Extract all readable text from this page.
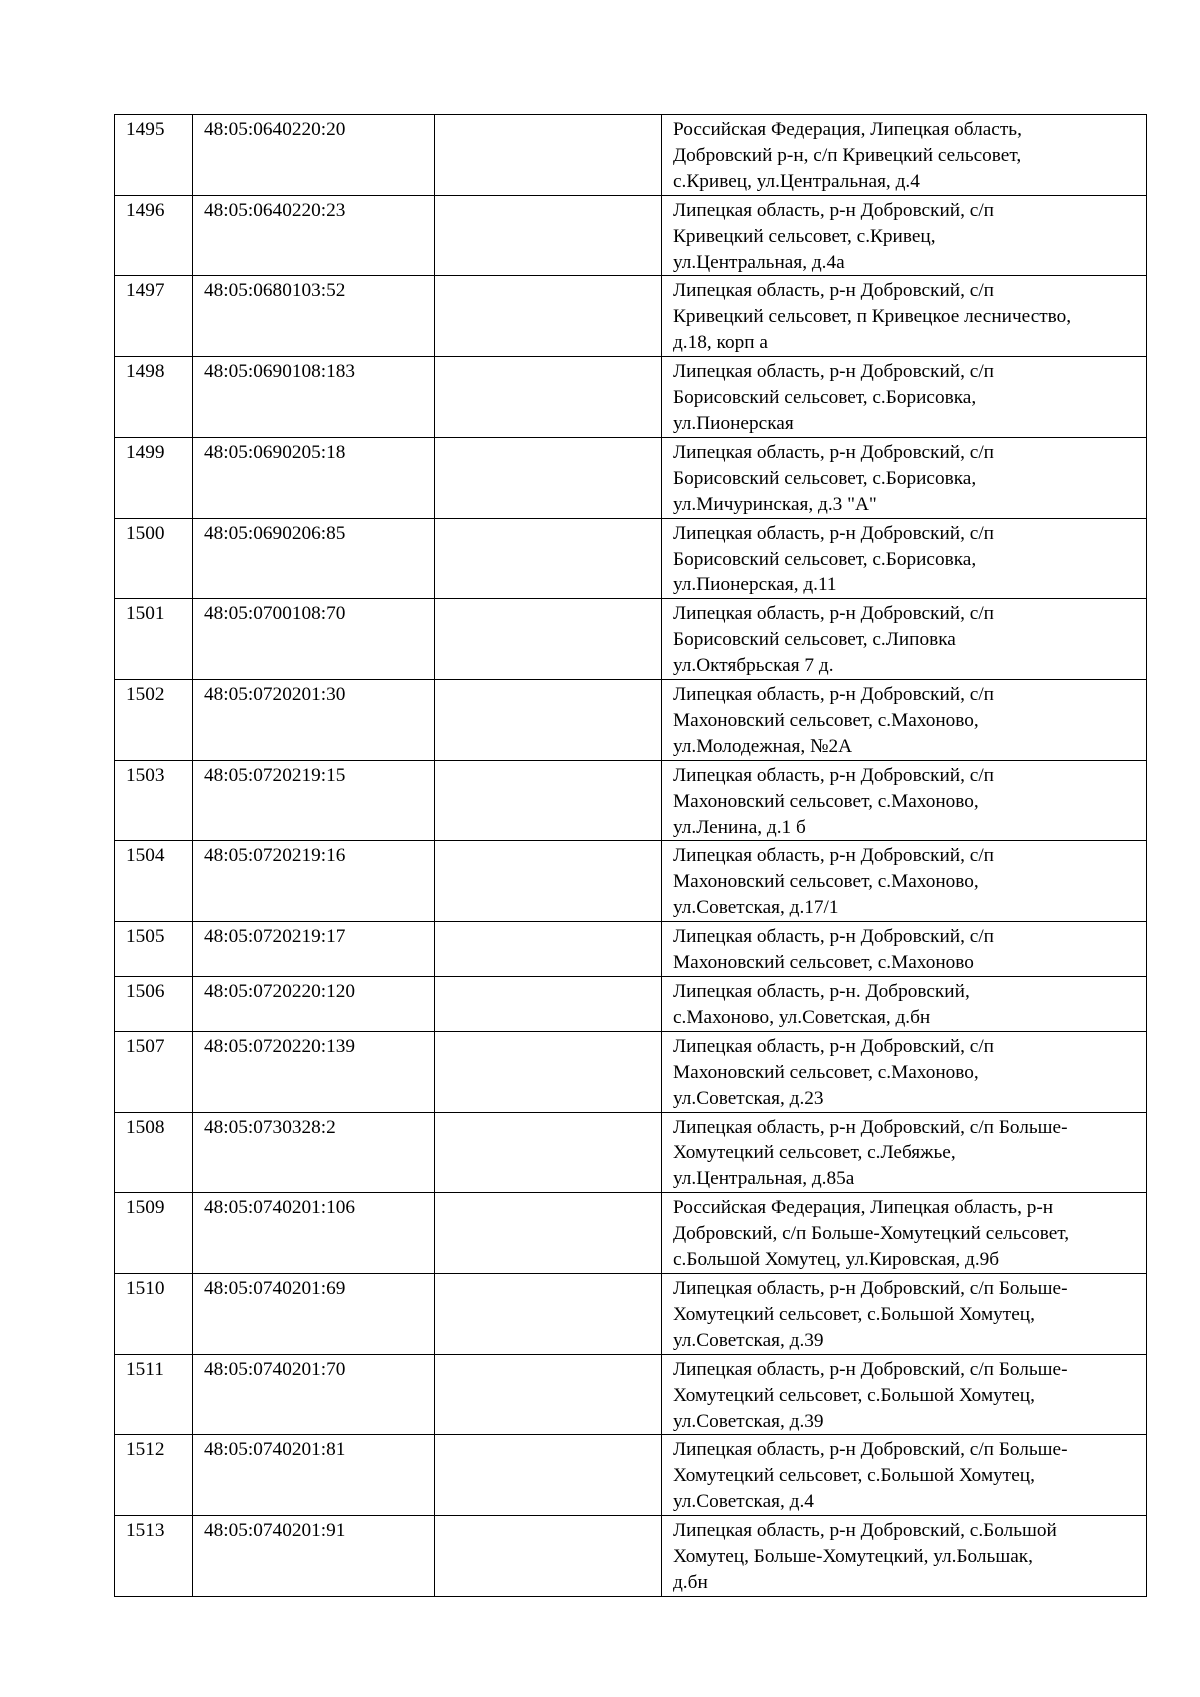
1495	48:05:0640220:20		Российская Федерация, Липецкая область,
Добровский р-н, с/п Кривецкий сельсовет,
с.Кривец, ул.Центральная, д.4
1496	48:05:0640220:23		Липецкая область, р-н Добровский, с/п
Кривецкий сельсовет, с.Кривец,
ул.Центральная, д.4а
1497	48:05:0680103:52		Липецкая область, р-н Добровский, с/п
Кривецкий сельсовет, п Кривецкое лесничество,
д.18, корп а
1498	48:05:0690108:183		Липецкая область, р-н Добровский, с/п
Борисовский сельсовет, с.Борисовка,
ул.Пионерская
1499	48:05:0690205:18		Липецкая область, р-н Добровский, с/п
Борисовский сельсовет, с.Борисовка,
ул.Мичуринская, д.3 "А"
1500	48:05:0690206:85		Липецкая область, р-н Добровский, с/п
Борисовский сельсовет, с.Борисовка,
ул.Пионерская, д.11
1501	48:05:0700108:70		Липецкая область, р-н Добровский, с/п
Борисовский сельсовет, с.Липовка
ул.Октябрьская 7 д.
1502	48:05:0720201:30		Липецкая область, р-н Добровский, с/п
Махоновский сельсовет, с.Махоново,
ул.Молодежная, №2А
1503	48:05:0720219:15		Липецкая область, р-н Добровский, с/п
Махоновский сельсовет, с.Махоново,
ул.Ленина, д.1 б
1504	48:05:0720219:16		Липецкая область, р-н Добровский, с/п
Махоновский сельсовет, с.Махоново,
ул.Советская, д.17/1
1505	48:05:0720219:17		Липецкая область, р-н Добровский, с/п
Махоновский сельсовет, с.Махоново
1506	48:05:0720220:120		Липецкая область, р-н. Добровский,
с.Махоново, ул.Советская, д.бн
1507	48:05:0720220:139		Липецкая область, р-н Добровский, с/п
Махоновский сельсовет, с.Махоново,
ул.Советская, д.23
1508	48:05:0730328:2		Липецкая область, р-н Добровский, с/п Больше-
Хомутецкий сельсовет, с.Лебяжье,
ул.Центральная, д.85а
1509	48:05:0740201:106		Российская Федерация, Липецкая область, р-н
Добровский, с/п Больше-Хомутецкий сельсовет,
с.Большой Хомутец, ул.Кировская, д.9б
1510	48:05:0740201:69		Липецкая область, р-н Добровский, с/п Больше-
Хомутецкий сельсовет, с.Большой Хомутец,
ул.Советская, д.39
1511	48:05:0740201:70		Липецкая область, р-н Добровский, с/п Больше-
Хомутецкий сельсовет, с.Большой Хомутец,
ул.Советская, д.39
1512	48:05:0740201:81		Липецкая область, р-н Добровский, с/п Больше-
Хомутецкий сельсовет, с.Большой Хомутец,
ул.Советская, д.4
1513	48:05:0740201:91		Липецкая область, р-н Добровский, с.Большой
Хомутец, Больше-Хомутецкий, ул.Большак,
д.бн
